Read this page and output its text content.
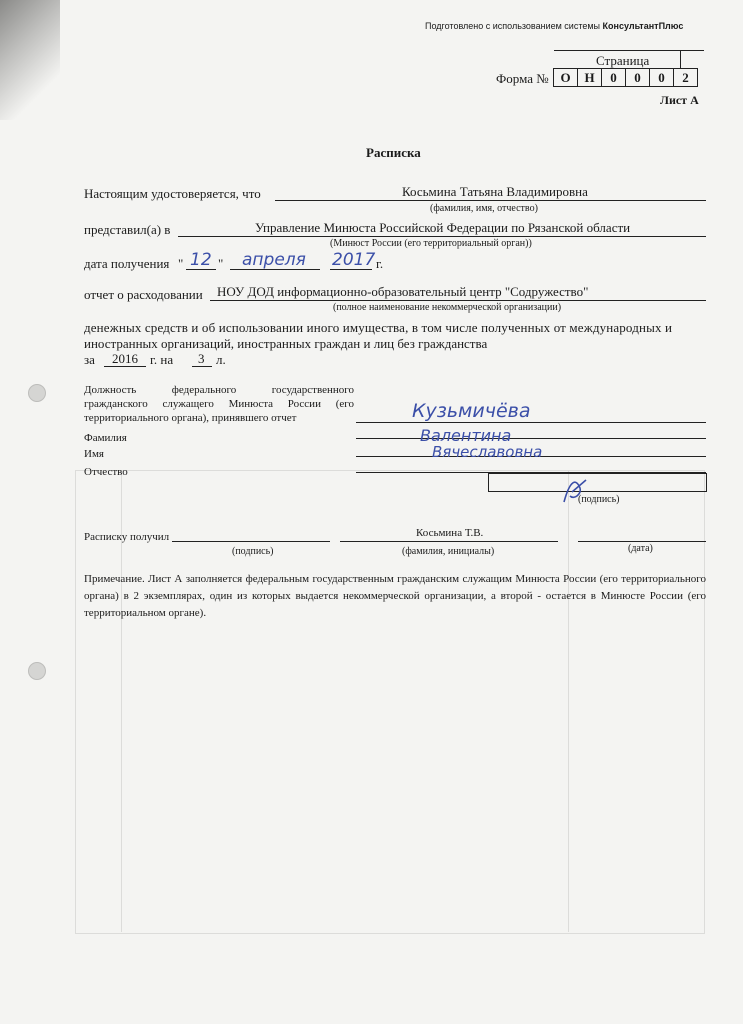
Подготовлено с использованием системы КонсультантПлюс
Страница
Форма № О	Н	0	0	0	2
Лист А
Расписка
Настоящим удостоверяется, что	Косьмина Татьяна Владимировна
(фамилия, имя, отчество)
представил(а) в	Управление Минюста Российской Федерации по Рязанской области
(Минюст России (его территориальный орган))
дата получения " 12 " апреля 2017 г.
отчет о расходовании НОУ ДОД информационно-образовательный центр "Содружество"
(полное наименование некоммерческой организации)
денежных средств и об использовании иного имущества, в том числе полученных от международных и
иностранных организаций, иностранных граждан и лиц без гражданства
за 2016 г. на 3 л.
Должность федерального государственного гражданского служащего Минюста России (его территориального органа), принявшего отчет
Фамилия
Кузьмичёва
Имя
Валентина
Отчество
Вячеславовна
(подпись)
Расписку получил
(подпись)
Косьмина Т.В.
(фамилия, инициалы)	(дата)
Примечание. Лист А заполняется федеральным государственным гражданским служащим Минюста России (его территориального органа) в 2 экземплярах, один из которых выдается некоммерческой организации, а второй - остается в Минюсте России (его территориальном органе).
